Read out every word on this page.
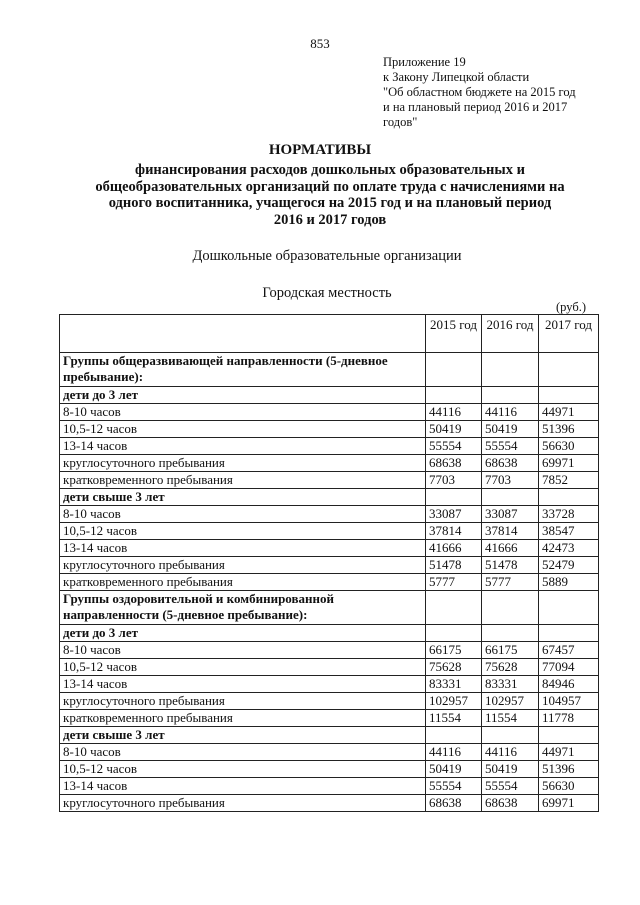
853
Приложение 19
к Закону Липецкой области
"Об областном бюджете на 2015 год
и на плановый период 2016 и 2017
годов"
НОРМАТИВЫ
финансирования расходов дошкольных образовательных и
общеобразовательных организаций по оплате труда с начислениями на
одного воспитанника, учащегося на 2015 год и на плановый период
2016 и 2017 годов
Дошкольные образовательные организации
Городская местность
(руб.)
	2015 год	2016 год	2017 год
Группы общеразвивающей направленности (5-дневное пребывание):			
дети до 3 лет			
8-10 часов	44116	44116	44971
10,5-12 часов	50419	50419	51396
13-14 часов	55554	55554	56630
круглосуточного пребывания	68638	68638	69971
кратковременного пребывания	7703	7703	7852
дети свыше 3 лет			
8-10 часов	33087	33087	33728
10,5-12 часов	37814	37814	38547
13-14 часов	41666	41666	42473
круглосуточного пребывания	51478	51478	52479
кратковременного пребывания	5777	5777	5889
Группы оздоровительной и комбинированной направленности (5-дневное пребывание):			
дети до 3 лет			
8-10 часов	66175	66175	67457
10,5-12 часов	75628	75628	77094
13-14 часов	83331	83331	84946
круглосуточного пребывания	102957	102957	104957
кратковременного пребывания	11554	11554	11778
дети свыше 3 лет			
8-10 часов	44116	44116	44971
10,5-12 часов	50419	50419	51396
13-14 часов	55554	55554	56630
круглосуточного пребывания	68638	68638	69971
